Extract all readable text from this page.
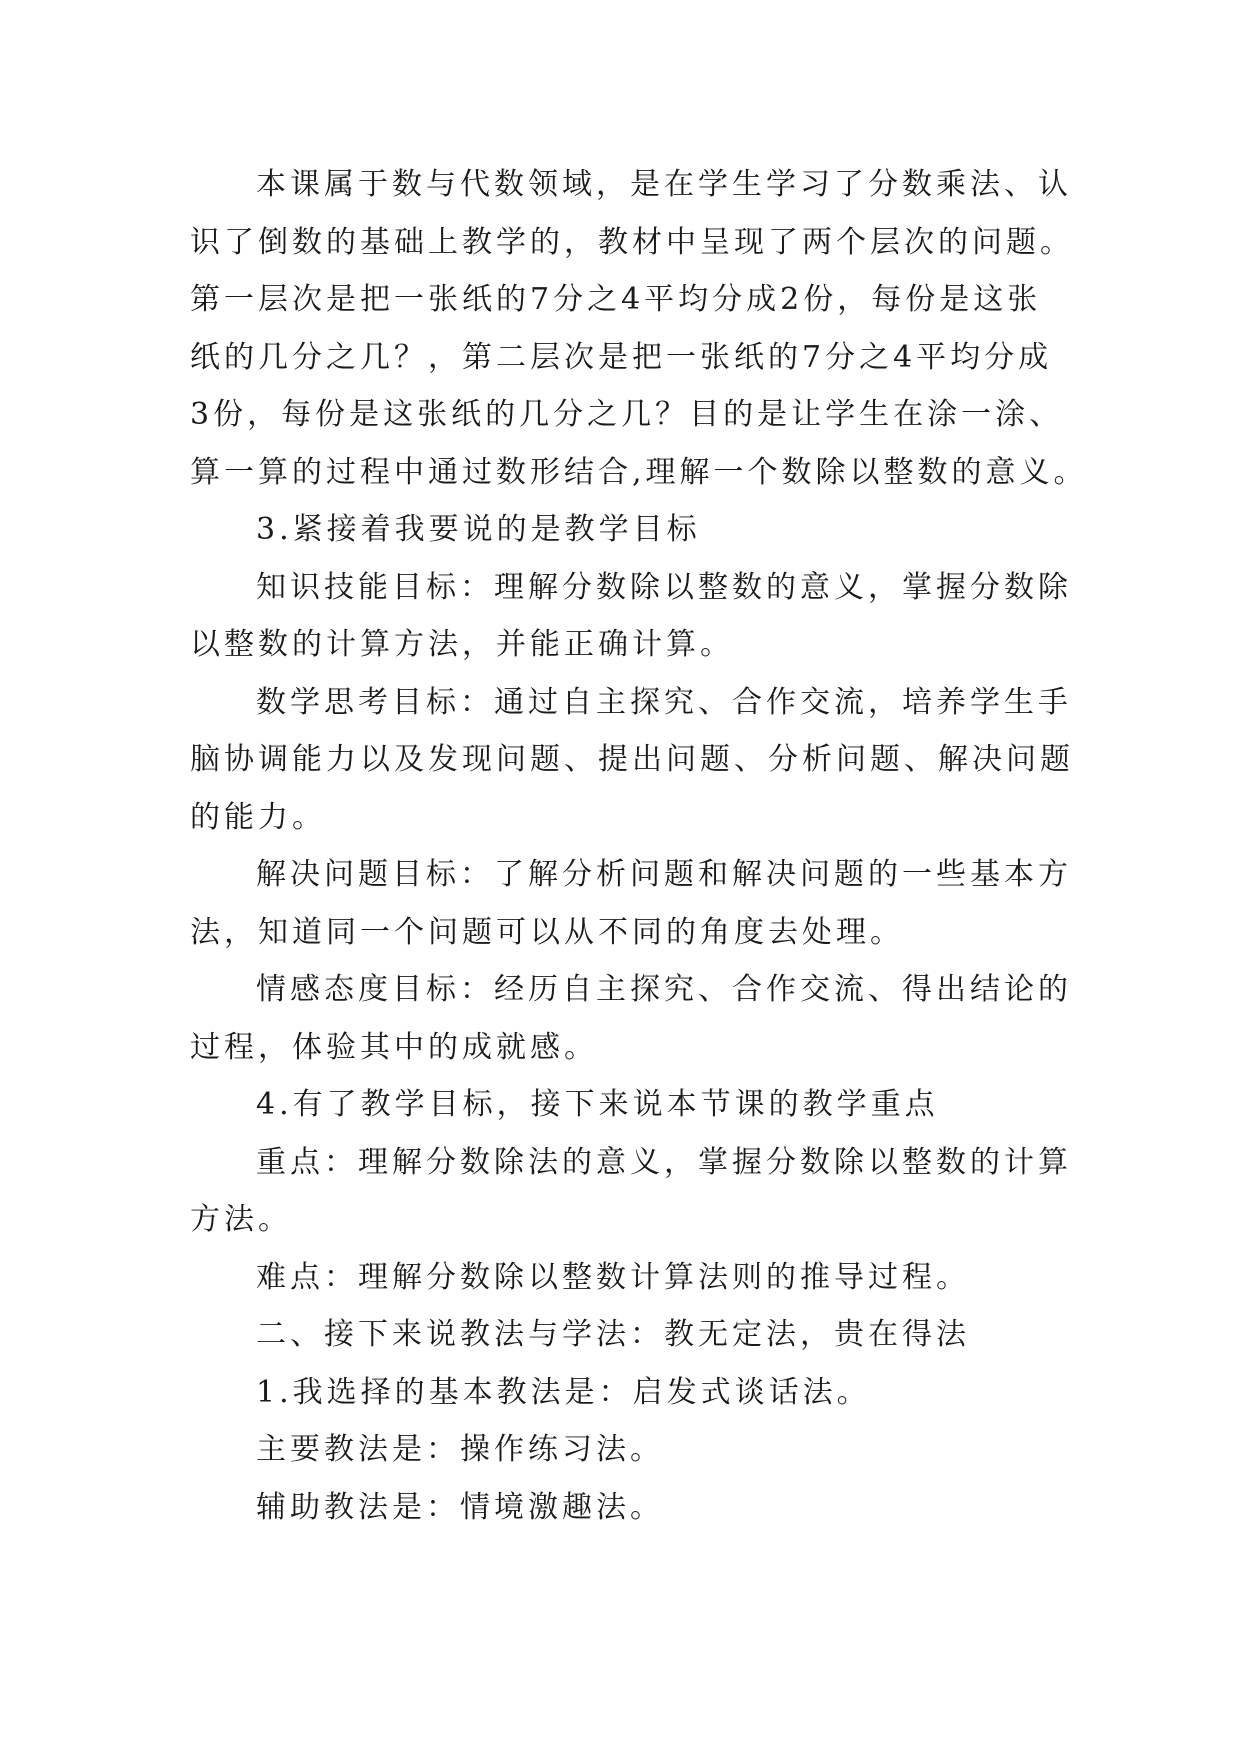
本课属于数与代数领域，是在学生学习了分数乘法、认
识了倒数的基础上教学的，教材中呈现了两个层次的问题。
第一层次是把一张纸的7分之4平均分成2份，每份是这张
纸的几分之几？，第二层次是把一张纸的7分之4平均分成
3份，每份是这张纸的几分之几？目的是让学生在涂一涂、
算一算的过程中通过数形结合,理解一个数除以整数的意义。
3.紧接着我要说的是教学目标
知识技能目标：理解分数除以整数的意义，掌握分数除
以整数的计算方法，并能正确计算。
数学思考目标：通过自主探究、合作交流，培养学生手
脑协调能力以及发现问题、提出问题、分析问题、解决问题
的能力。
解决问题目标：了解分析问题和解决问题的一些基本方
法，知道同一个问题可以从不同的角度去处理。
情感态度目标：经历自主探究、合作交流、得出结论的
过程，体验其中的成就感。
4.有了教学目标，接下来说本节课的教学重点
重点：理解分数除法的意义，掌握分数除以整数的计算
方法。
难点：理解分数除以整数计算法则的推导过程。
二、接下来说教法与学法：教无定法，贵在得法
1.我选择的基本教法是：启发式谈话法。
主要教法是：操作练习法。
辅助教法是：情境激趣法。
